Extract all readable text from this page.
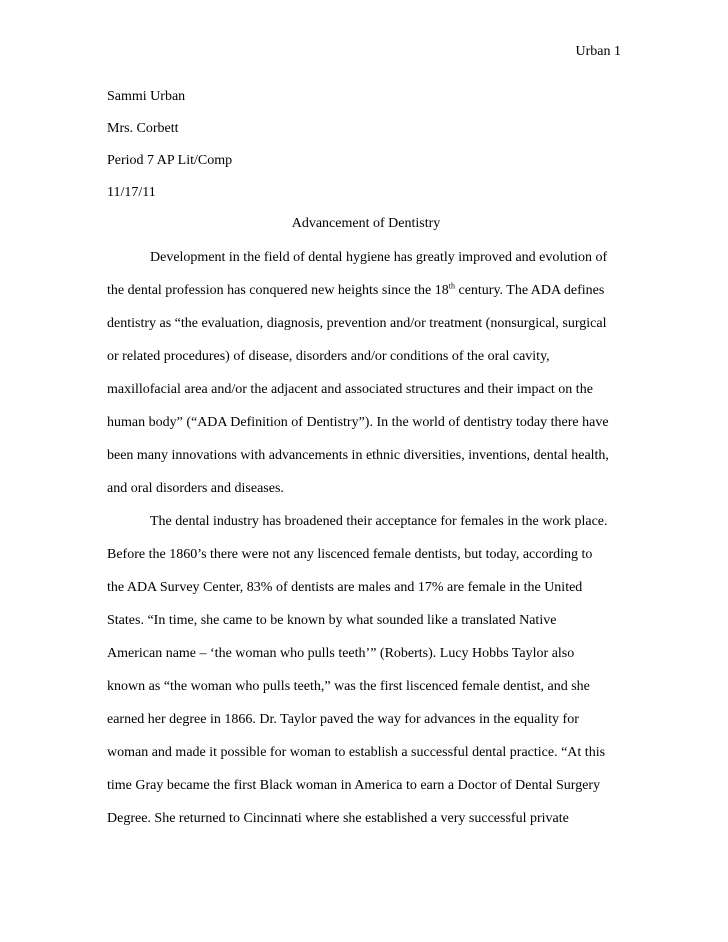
Urban 1
Sammi Urban
Mrs. Corbett
Period 7 AP Lit/Comp
11/17/11
Advancement of Dentistry
Development in the field of dental hygiene has greatly improved and evolution of
the dental profession has conquered new heights since the 18th century. The ADA defines
dentistry as “the evaluation, diagnosis, prevention and/or treatment (nonsurgical, surgical
or related procedures) of disease, disorders and/or conditions of the oral cavity,
maxillofacial area and/or the adjacent and associated structures and their impact on the
human body” (“ADA Definition of Dentistry”). In the world of dentistry today there have
been many innovations with advancements in ethnic diversities, inventions, dental health,
and oral disorders and diseases.
The dental industry has broadened their acceptance for females in the work place.
Before the 1860’s there were not any liscenced female dentists, but today, according to
the ADA Survey Center, 83% of dentists are males and 17% are female in the United
States. “In time, she came to be known by what sounded like a translated Native
American name – ‘the woman who pulls teeth’” (Roberts). Lucy Hobbs Taylor also
known as “the woman who pulls teeth,” was the first liscenced female dentist, and she
earned her degree in 1866. Dr. Taylor paved the way for advances in the equality for
woman and made it possible for woman to establish a successful dental practice. “At this
time Gray became the first Black woman in America to earn a Doctor of Dental Surgery
Degree. She returned to Cincinnati where she established a very successful private
